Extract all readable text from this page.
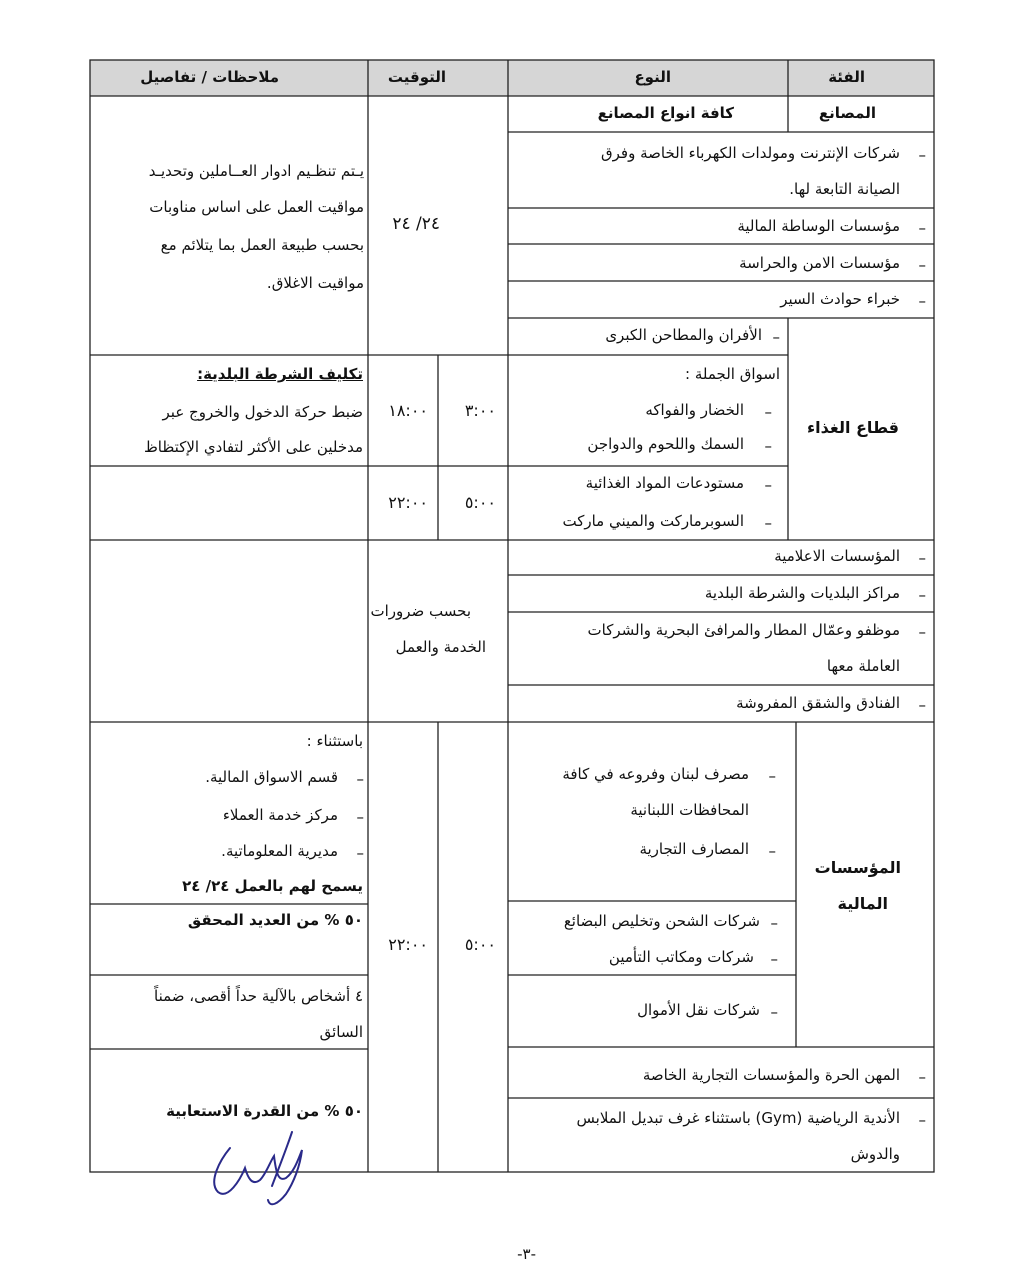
الفئة
النوع
التوقيت
ملاحظات / تفاصيل
المصانع
كافة انواع المصانع
–
شركات الإنترنت ومولدات الكهرباء الخاصة وفرق
الصيانة التابعة لها.
–
مؤسسات الوساطة المالية
–
مؤسسات الامن والحراسة
–
خبراء حوادث السير
٢٤/ ٢٤
يـتم تنظـيم ادوار العــاملين وتحديـد
مواقيت العمل على اساس مناوبات
بحسب طبيعة العمل بما يتلائم مع
مواقيت الاغلاق.
قطاع الغذاء
–
الأفران والمطاحن الكبرى
اسواق الجملة :
–
الخضار والفواكه
–
السمك واللحوم والدواجن
٣:٠٠
١٨:٠٠
تكليف الشرطة البلدية:
ضبط حركة الدخول والخروج عبر
مدخلين على الأكثر لتفادي الإكتظاظ
–
مستودعات المواد الغذائية
–
السوبرماركت والميني ماركت
٥:٠٠
٢٢:٠٠
–
المؤسسات الاعلامية
–
مراكز البلديات والشرطة البلدية
–
موظفو وعمّال المطار والمرافئ البحرية والشركات
العاملة معها
–
الفنادق والشقق المفروشة
بحسب ضرورات
الخدمة والعمل
المؤسسات
المالية
–
مصرف لبنان وفروعه في كافة
المحافظات اللبنانية
–
المصارف التجارية
باستثناء :
–
قسم الاسواق المالية.
–
مركز خدمة العملاء
–
مديرية المعلوماتية.
يسمح لهم بالعمل ٢٤/ ٢٤
–
شركات الشحن وتخليص البضائع
–
شركات ومكاتب التأمين
٥٠ % من العديد المحقق
–
شركات نقل الأموال
٤ أشخاص بالآلية حداً أقصى، ضمناً
السائق
٥:٠٠
٢٢:٠٠
–
المهن الحرة والمؤسسات التجارية الخاصة
–
الأندية الرياضية (Gym) باستثناء غرف تبديل الملابس
والدوش
٥٠ % من القدرة الاستعابية
-٣-
